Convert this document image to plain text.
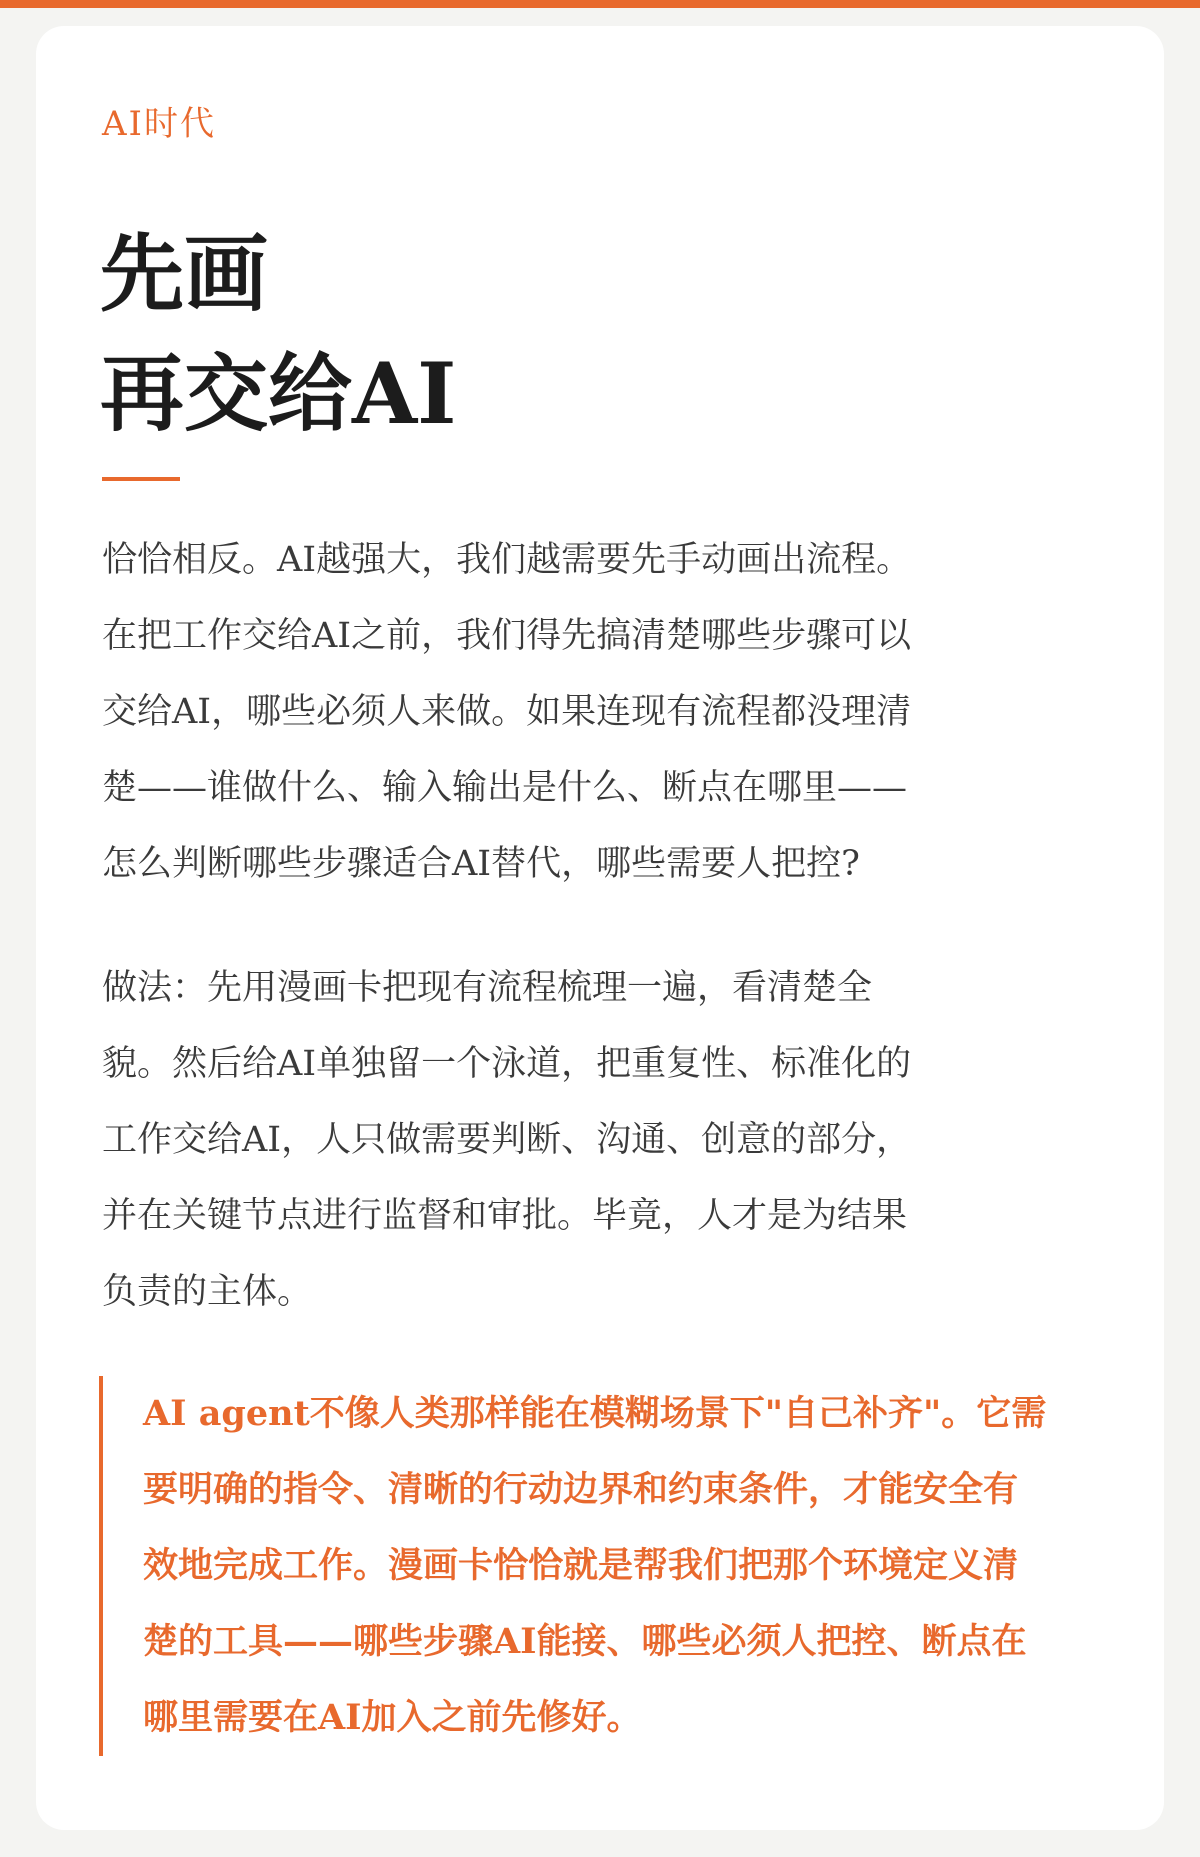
AI时代
先画
再交给AI

恰恰相反。AI越强大，我们越需要先手动画出流程。
在把工作交给AI之前，我们得先搞清楚哪些步骤可以
交给AI，哪些必须人来做。如果连现有流程都没理清
楚——谁做什么、输入输出是什么、断点在哪里——
怎么判断哪些步骤适合AI替代，哪些需要人把控?

做法：先用漫画卡把现有流程梳理一遍，看清楚全
貌。然后给AI单独留一个泳道，把重复性、标准化的
工作交给AI，人只做需要判断、沟通、创意的部分，
并在关键节点进行监督和审批。毕竟，人才是为结果
负责的主体。

AI agent不像人类那样能在模糊场景下"自己补齐"。它需
要明确的指令、清晰的行动边界和约束条件，才能安全有
效地完成工作。漫画卡恰恰就是帮我们把那个环境定义清
楚的工具——哪些步骤AI能接、哪些必须人把控、断点在
哪里需要在AI加入之前先修好。
